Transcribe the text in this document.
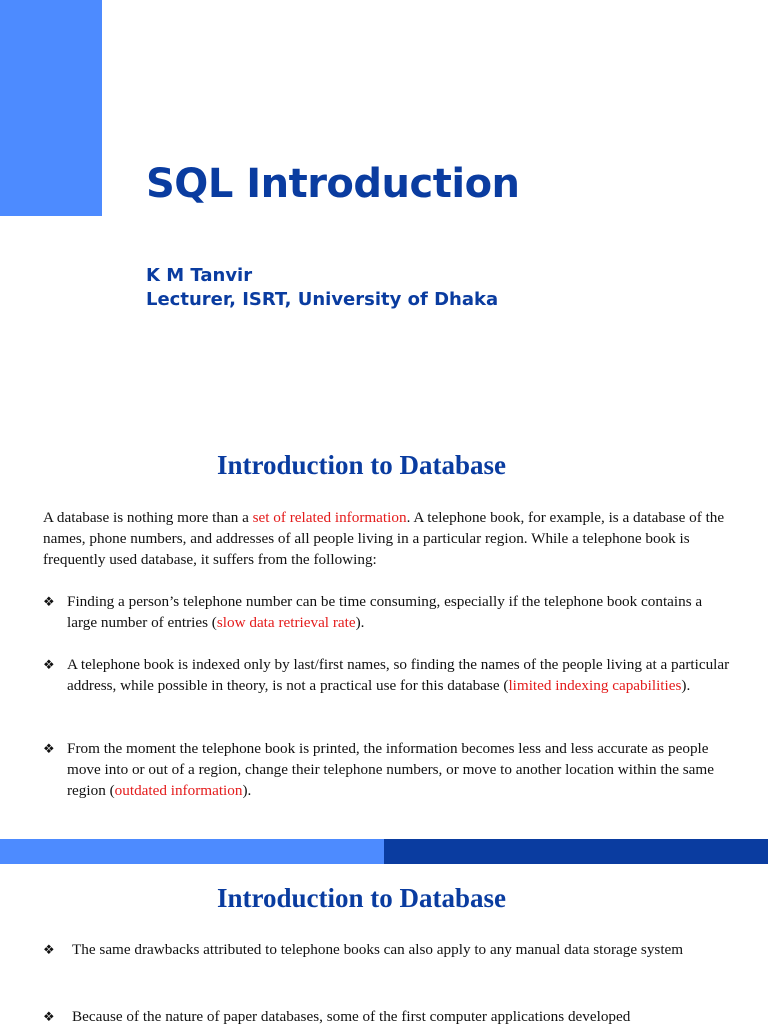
SQL Introduction
K M Tanvir
Lecturer, ISRT, University of Dhaka
Introduction to Database

A database is nothing more than a set of related information. A telephone book, for example, is a database of the names, phone numbers, and addresses of all people living in a particular region. While a telephone book is frequently used database, it suffers from the following:

❖ Finding a person’s telephone number can be time consuming, especially if the telephone book contains a large number of entries (slow data retrieval rate).
❖ A telephone book is indexed only by last/first names, so finding the names of the people living at a particular address, while possible in theory, is not a practical use for this database (limited indexing capabilities).
❖ From the moment the telephone book is printed, the information becomes less and less accurate as people move into or out of a region, change their telephone numbers, or move to another location within the same region (outdated information).
Introduction to Database
❖	The same drawbacks attributed to telephone books can also apply to any manual data storage system
❖	Because of the nature of paper databases, some of the first computer applications developed
